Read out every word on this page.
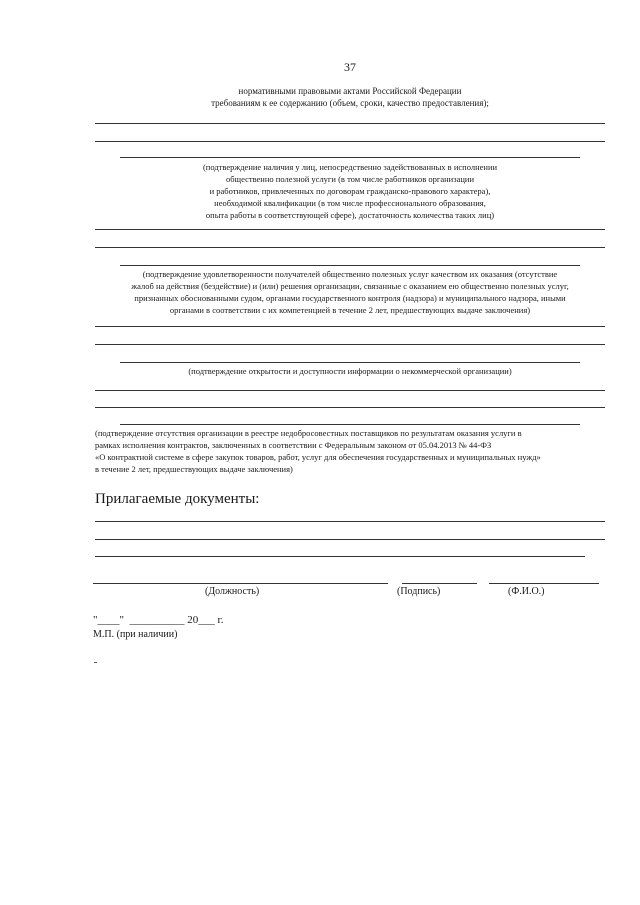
37
нормативными правовыми актами Российской Федерации
требованиям к ее содержанию (объем, сроки, качество предоставления);
(подтверждение наличия у лиц, непосредственно задействованных в исполнении
общественно полезной услуги (в том числе работников организации
и работников, привлеченных по договорам гражданско-правового характера),
необходимой квалификации (в том числе профессионального образования,
опыта работы в соответствующей сфере), достаточность количества таких лиц)
(подтверждение удовлетворенности получателей общественно полезных услуг качеством их оказания (отсутствие
жалоб на действия (бездействие) и (или) решения организации, связанные с оказанием ею общественно полезных услуг,
признанных обоснованными судом, органами государственного контроля (надзора) и муниципального надзора, иными
органами в соответствии с их компетенцией в течение 2 лет, предшествующих выдаче заключения)
(подтверждение открытости и доступности информации о некоммерческой организации)
(подтверждение отсутствия организации в реестре недобросовестных поставщиков по результатам оказания услуги в
рамках исполнения контрактов, заключенных в соответствии с Федеральным законом от 05.04.2013 № 44-ФЗ
«О контрактной системе в сфере закупок товаров, работ, услуг для обеспечения государственных и муниципальных нужд»
в течение 2 лет, предшествующих выдаче заключения)
Прилагаемые документы:
(Должность)	(Подпись)	(Ф.И.О.)
"____"  __________ 20___ г.
М.П. (при наличии)
